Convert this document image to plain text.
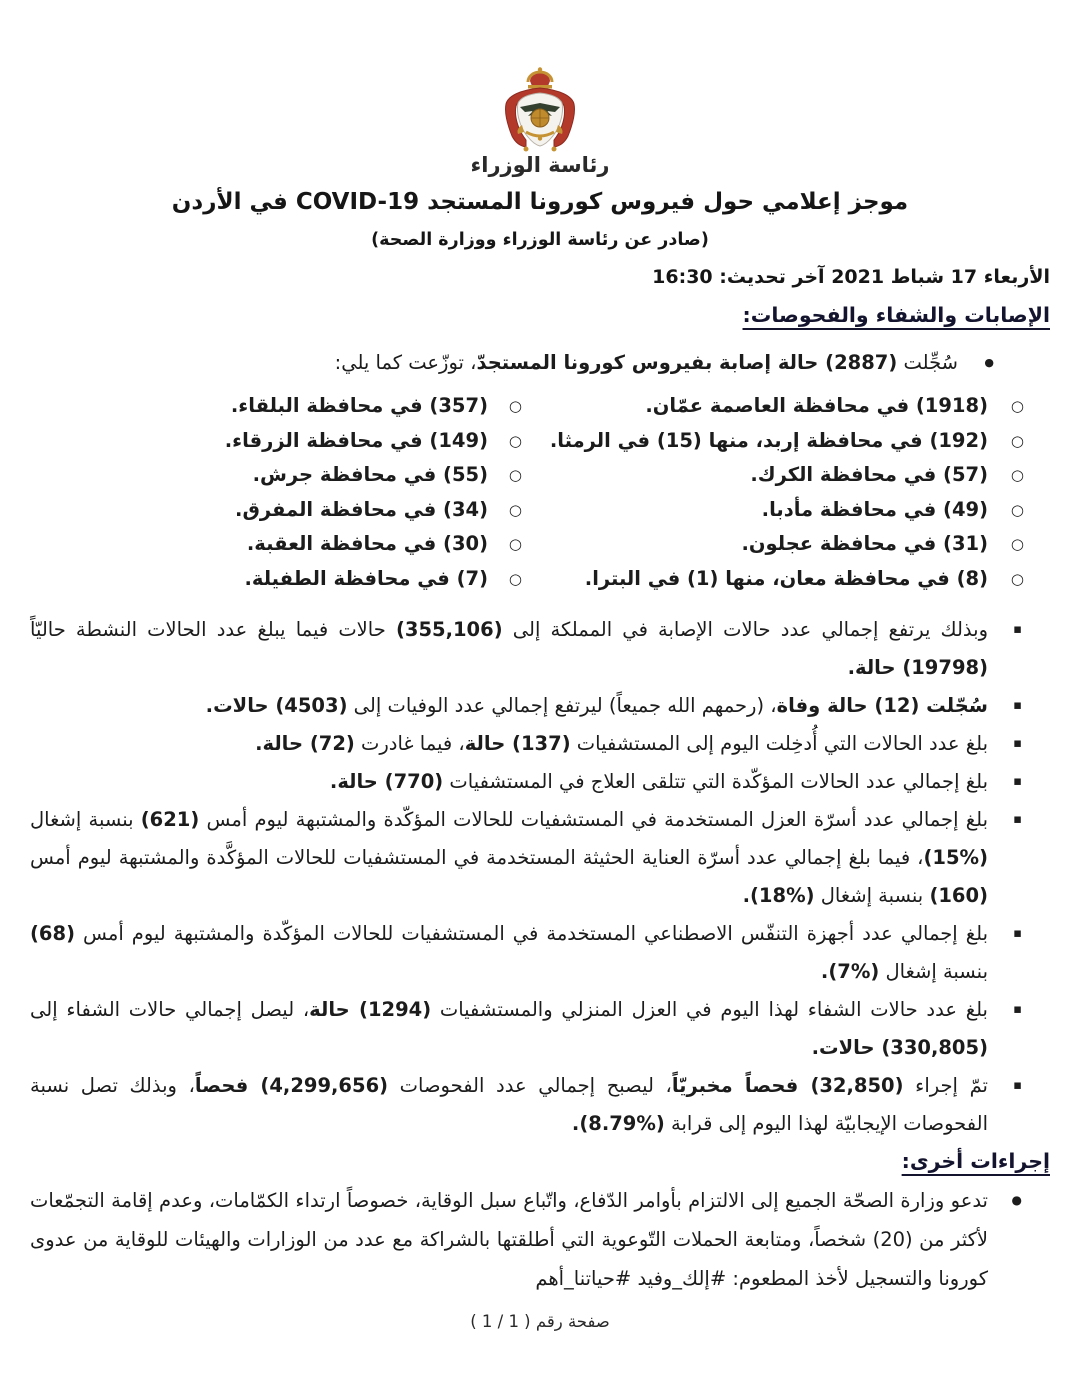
رئاسة الوزراء
موجز إعلامي حول فيروس كورونا المستجد COVID-19 في الأردن
(صادر عن رئاسة الوزراء ووزارة الصحة)
الأربعاء 17 شباط 2021 آخر تحديث: 16:30
الإصابات والشفاء والفحوصات:
●
سُجِّلت (2887) حالة إصابة بفيروس كورونا المستجدّ، توزّعت كما يلي:
○
(1918) في محافظة العاصمة عمّان.
○
(357) في محافظة البلقاء.
○
(192) في محافظة إربد، منها (15) في الرمثا.
○
(149) في محافظة الزرقاء.
○
(57) في محافظة الكرك.
○
(55) في محافظة جرش.
○
(49) في محافظة مأدبا.
○
(34) في محافظة المفرق.
○
(31) في محافظة عجلون.
○
(30) في محافظة العقبة.
○
(8) في محافظة معان، منها (1) في البترا.
○
(7) في محافظة الطفيلة.
▪
وبذلك يرتفع إجمالي عدد حالات الإصابة في المملكة إلى (355,106) حالات فيما يبلغ عدد الحالات النشطة حاليّاً (19798) حالة.
▪
سُجّلت (12) حالة وفاة، (رحمهم الله جميعاً) ليرتفع إجمالي عدد الوفيات إلى (4503) حالات.
▪
بلغ عدد الحالات التي أُدخِلت اليوم إلى المستشفيات (137) حالة، فيما غادرت (72) حالة.
▪
بلغ إجمالي عدد الحالات المؤكّدة التي تتلقى العلاج في المستشفيات (770) حالة.
▪
بلغ إجمالي عدد أسرّة العزل المستخدمة في المستشفيات للحالات المؤكّدة والمشتبهة ليوم أمس (621) بنسبة إشغال (%15)، فيما بلغ إجمالي عدد أسرّة العناية الحثيثة المستخدمة في المستشفيات للحالات المؤكَّدة والمشتبهة ليوم أمس (160) بنسبة إشغال (%18).
▪
بلغ إجمالي عدد أجهزة التنفّس الاصطناعي المستخدمة في المستشفيات للحالات المؤكّدة والمشتبهة ليوم أمس (68) بنسبة إشغال (%7).
▪
بلغ عدد حالات الشفاء لهذا اليوم في العزل المنزلي والمستشفيات (1294) حالة، ليصل إجمالي حالات الشفاء إلى (330,805) حالات.
▪
تمّ إجراء (32,850) فحصاً مخبريّاً، ليصبح إجمالي عدد الفحوصات (4,299,656) فحصاً، وبذلك تصل نسبة الفحوصات الإيجابيّة لهذا اليوم إلى قرابة (%8.79).
إجراءات أخرى:
●
تدعو وزارة الصحّة الجميع إلى الالتزام بأوامر الدّفاع، واتّباع سبل الوقاية، خصوصاً ارتداء الكمّامات، وعدم إقامة التجمّعات لأكثر من (20) شخصاً، ومتابعة الحملات التّوعوية التي أطلقتها بالشراكة مع عدد من الوزارات والهيئات للوقاية من عدوى كورونا والتسجيل لأخذ المطعوم: #إلك_وفيد #حياتنا_أهم
صفحة رقم ( 1 / 1 )
